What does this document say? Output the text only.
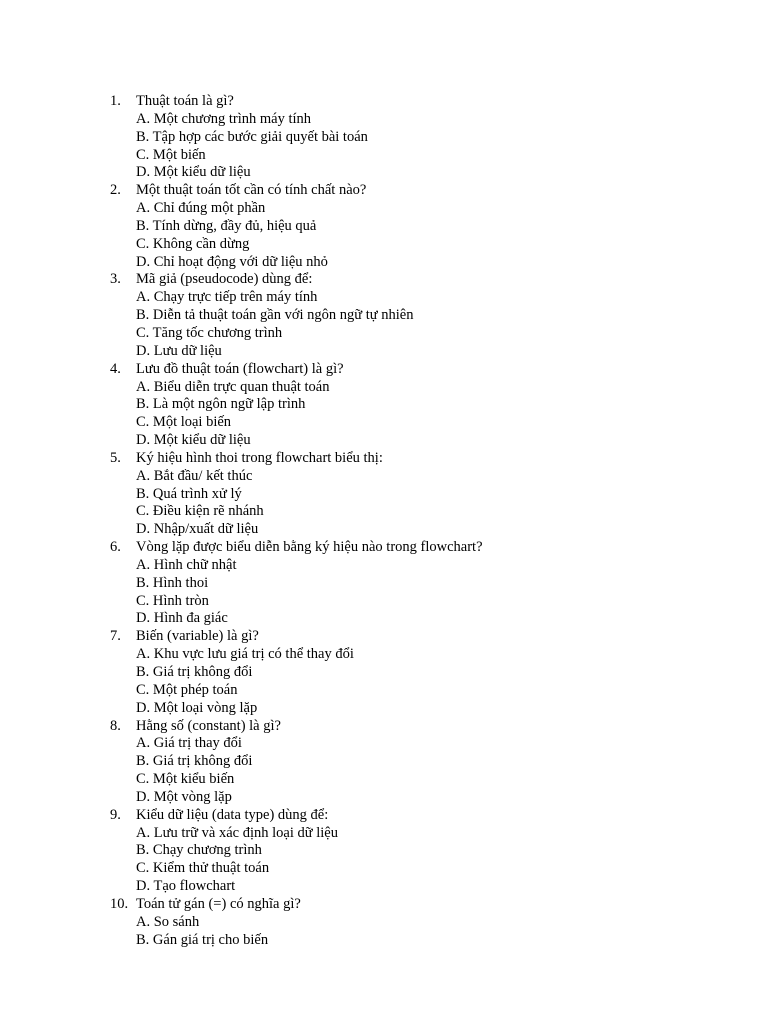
1. Thuật toán là gì?
A. Một chương trình máy tính
B. Tập hợp các bước giải quyết bài toán
C. Một biến
D. Một kiểu dữ liệu
2. Một thuật toán tốt cần có tính chất nào?
A. Chỉ đúng một phần
B. Tính dừng, đầy đủ, hiệu quả
C. Không cần dừng
D. Chỉ hoạt động với dữ liệu nhỏ
3. Mã giả (pseudocode) dùng để:
A. Chạy trực tiếp trên máy tính
B. Diễn tả thuật toán gần với ngôn ngữ tự nhiên
C. Tăng tốc chương trình
D. Lưu dữ liệu
4. Lưu đồ thuật toán (flowchart) là gì?
A. Biểu diễn trực quan thuật toán
B. Là một ngôn ngữ lập trình
C. Một loại biến
D. Một kiểu dữ liệu
5. Ký hiệu hình thoi trong flowchart biểu thị:
A. Bắt đầu/ kết thúc
B. Quá trình xử lý
C. Điều kiện rẽ nhánh
D. Nhập/xuất dữ liệu
6. Vòng lặp được biểu diễn bằng ký hiệu nào trong flowchart?
A. Hình chữ nhật
B. Hình thoi
C. Hình tròn
D. Hình đa giác
7. Biến (variable) là gì?
A. Khu vực lưu giá trị có thể thay đổi
B. Giá trị không đổi
C. Một phép toán
D. Một loại vòng lặp
8. Hằng số (constant) là gì?
A. Giá trị thay đổi
B. Giá trị không đổi
C. Một kiểu biến
D. Một vòng lặp
9. Kiểu dữ liệu (data type) dùng để:
A. Lưu trữ và xác định loại dữ liệu
B. Chạy chương trình
C. Kiểm thử thuật toán
D. Tạo flowchart
10. Toán tử gán (=) có nghĩa gì?
A. So sánh
B. Gán giá trị cho biến
